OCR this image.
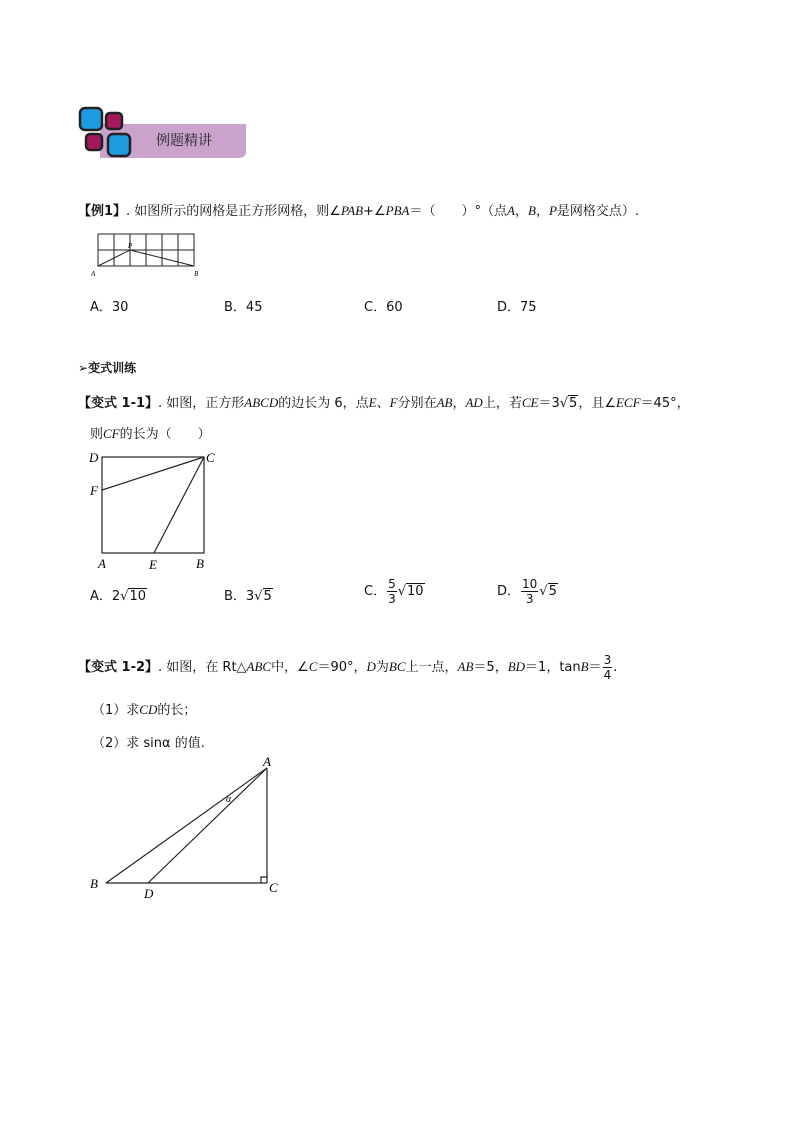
例题精讲
【例1】. 如图所示的网格是正方形网格，则∠PAB+∠PBA＝（　　）°（点A，B，P是网格交点）.
P
A	B
A．30	B．45	C．60	D．75
➢变式训练
【变式 1-1】. 如图，正方形ABCD的边长为 6，点E、F分别在AB，AD上，若CE＝3√5，且∠ECF＝45°，
则CF的长为（　　）
D	C
F
A	E	B
A．2√10	B．3√5	C． $\frac{5}{3} √10$	D． $\frac{10}{3} √5$
【变式 1-2】. 如图，在 Rt△ABC中，∠C＝90°，D为BC上一点，AB＝5，BD＝1，$\tan B= \frac{3}{4}$ .
（1）求CD的长；
（2）求 sinα 的值.
A
α
B
D	C
